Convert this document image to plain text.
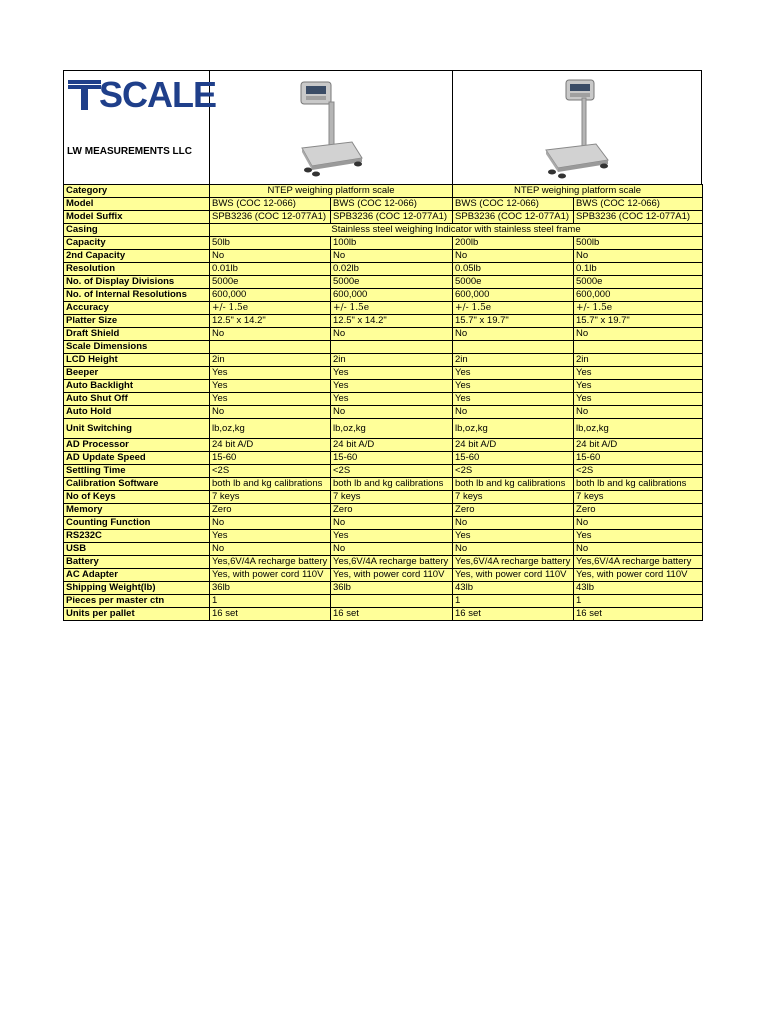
SCALE
LW MEASUREMENTS LLC
Category	NTEP weighing platform scale		NTEP weighing platform scale	
Model	BWS (COC 12-066)	BWS (COC 12-066)	BWS (COC 12-066)	BWS (COC 12-066)
Model Suffix	SPB3236 (COC 12-077A1)	SPB3236 (COC 12-077A1)	SPB3236 (COC 12-077A1)	SPB3236 (COC 12-077A1)
Casing	Stainless steel weighing Indicator with stainless steel frame			
Capacity	50lb	100lb	200lb	500lb
2nd Capacity	No	No	No	No
Resolution	0.01lb	0.02lb	0.05lb	0.1lb
No. of Display Divisions	5000e	5000e	5000e	5000e
No. of Internal Resolutions	600,000	600,000	600,000	600,000
Accuracy	+/- 1.5e	+/- 1.5e	+/- 1.5e	+/- 1.5e
Platter Size	12.5" x 14.2"	12.5" x 14.2"	15.7" x 19.7"	15.7" x 19.7"
Draft Shield	No	No	No	No
Scale Dimensions				
LCD Height	2in	2in	2in	2in
Beeper	Yes	Yes	Yes	Yes
Auto Backlight	Yes	Yes	Yes	Yes
Auto Shut Off	Yes	Yes	Yes	Yes
Auto Hold	No	No	No	No
Unit Switching	lb,oz,kg	lb,oz,kg	lb,oz,kg	lb,oz,kg
AD Processor	24 bit A/D	24 bit A/D	24 bit A/D	24 bit A/D
AD Update Speed	15-60	15-60	15-60	15-60
Settling Time	<2S	<2S	<2S	<2S
Calibration Software	both lb and kg calibrations	both lb and kg calibrations	both lb and kg calibrations	both lb and kg calibrations
No of Keys	7 keys	7 keys	7 keys	7 keys
Memory	Zero	Zero	Zero	Zero
Counting Function	No	No	No	No
RS232C	Yes	Yes	Yes	Yes
USB	No	No	No	No
Battery	Yes,6V/4A recharge battery	Yes,6V/4A recharge battery	Yes,6V/4A recharge battery	Yes,6V/4A recharge battery
AC Adapter	Yes, with power cord 110V	Yes, with power cord 110V	Yes, with power cord 110V	Yes, with power cord 110V
Shipping Weight(lb)	36lb	36lb	43lb	43lb
Pieces per master ctn	1		1	1
Units per pallet	16 set	16 set	16 set	16 set
